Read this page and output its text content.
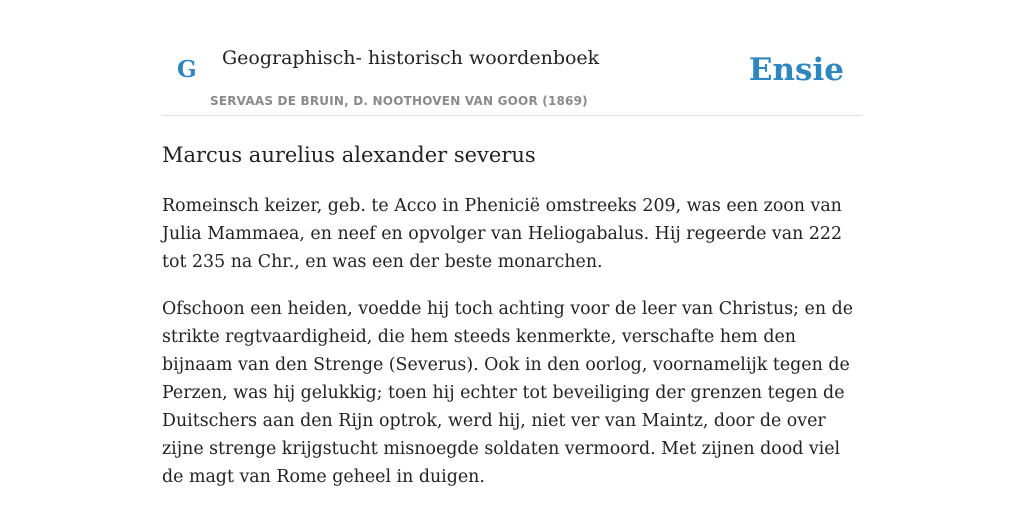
G Geographisch- historisch woordenboek
SERVAAS DE BRUIN, D. NOOTHOVEN VAN GOOR (1869)
Ensie
Marcus aurelius alexander severus

Romeinsch keizer, geb. te Acco in Phenicië omstreeks 209, was een zoon van Julia Mammaea, en neef en opvolger van Heliogabalus. Hij regeerde van 222 tot 235 na Chr., en was een der beste monarchen.

Ofschoon een heiden, voedde hij toch achting voor de leer van Christus; en de strikte regtvaardigheid, die hem steeds kenmerkte, verschafte hem den bijnaam van den Strenge (Severus). Ook in den oorlog, voornamelijk tegen de Perzen, was hij gelukkig; toen hij echter tot beveiliging der grenzen tegen de Duitschers aan den Rijn optrok, werd hij, niet ver van Maintz, door de over zijne strenge krijgstucht misnoegde soldaten vermoord. Met zijnen dood viel de magt van Rome geheel in duigen.
